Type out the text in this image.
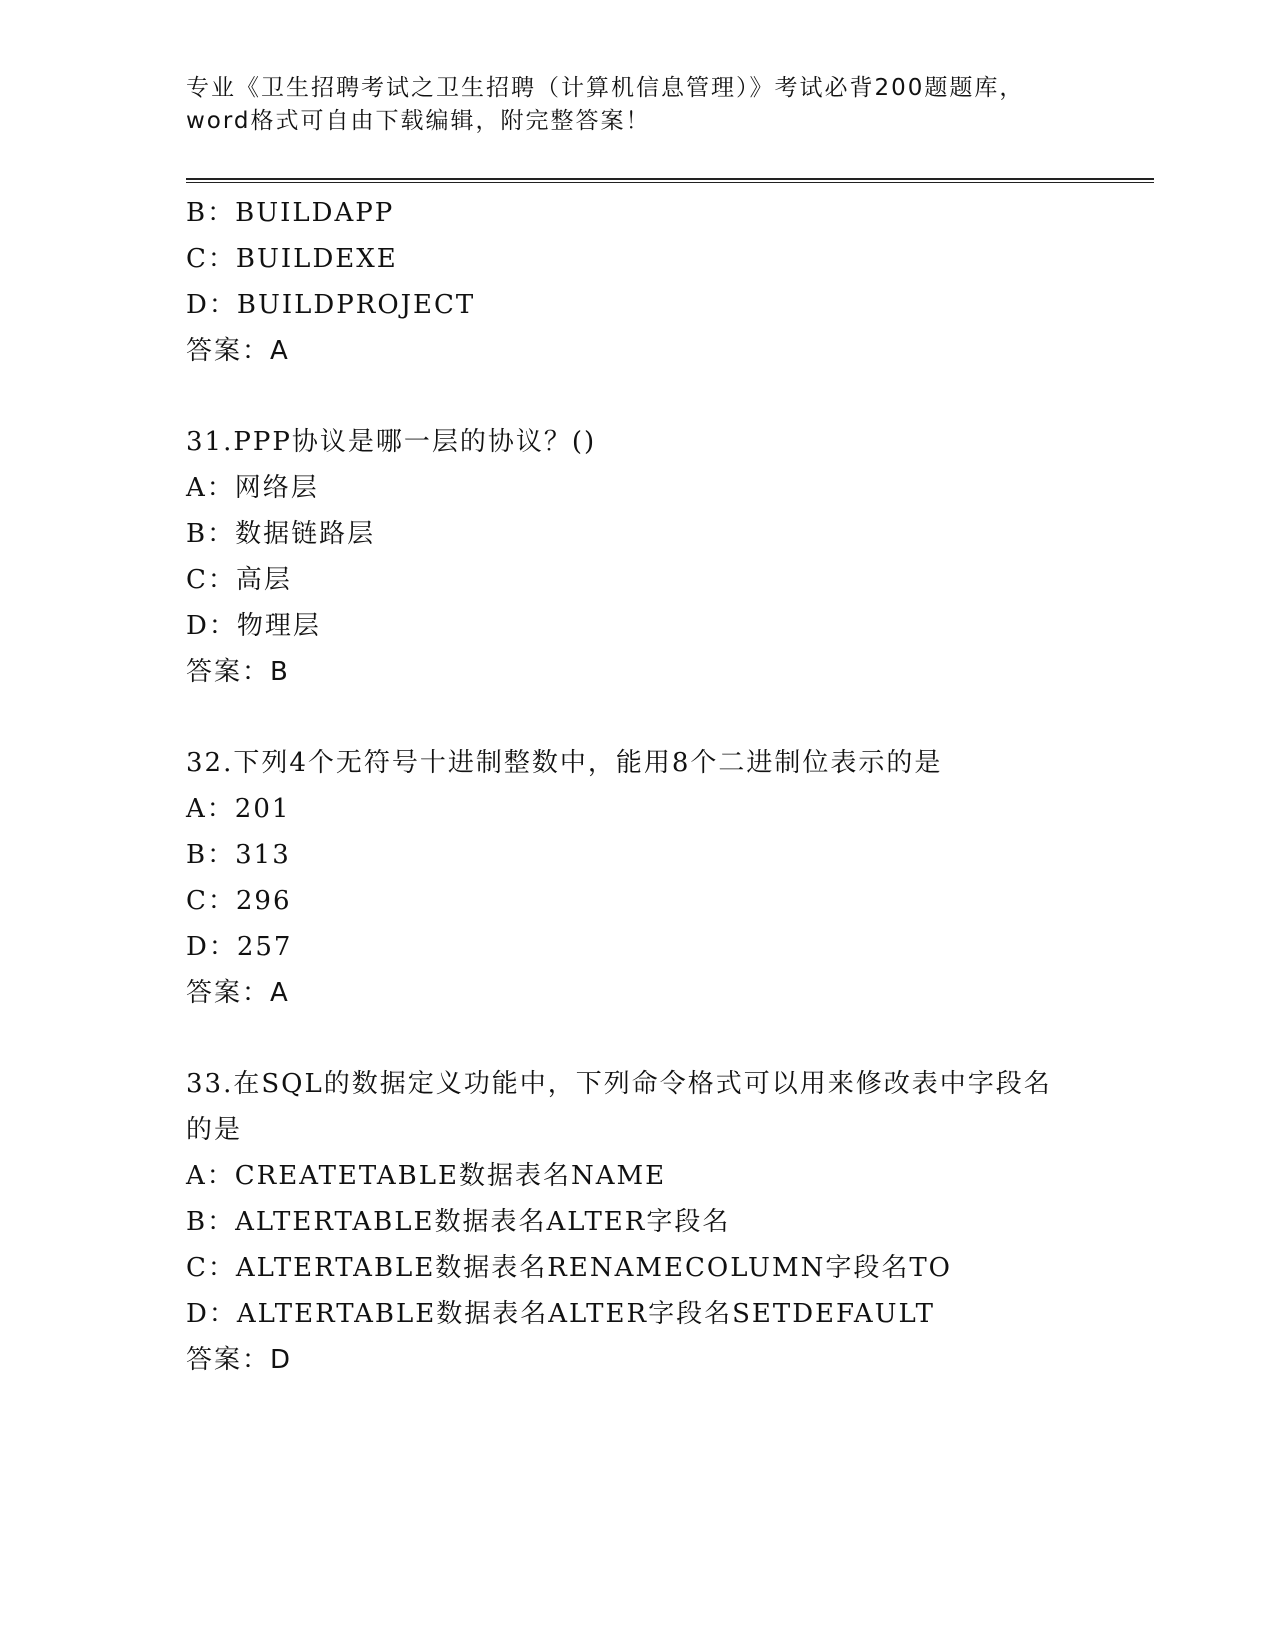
专业《卫生招聘考试之卫生招聘（计算机信息管理）》考试必背200题题库，word格式可自由下载编辑，附完整答案！
B：BUILDAPP
C：BUILDEXE
D：BUILDPROJECT
答案：A
31.PPP协议是哪一层的协议？()
A：网络层
B：数据链路层
C：高层
D：物理层
答案：B
32.下列4个无符号十进制整数中，能用8个二进制位表示的是
A：201
B：313
C：296
D：257
答案：A
33.在SQL的数据定义功能中，下列命令格式可以用来修改表中字段名的是
A：CREATETABLE数据表名NAME
B：ALTERTABLE数据表名ALTER字段名
C：ALTERTABLE数据表名RENAMECOLUMN字段名TO
D：ALTERTABLE数据表名ALTER字段名SETDEFAULT
答案：D
